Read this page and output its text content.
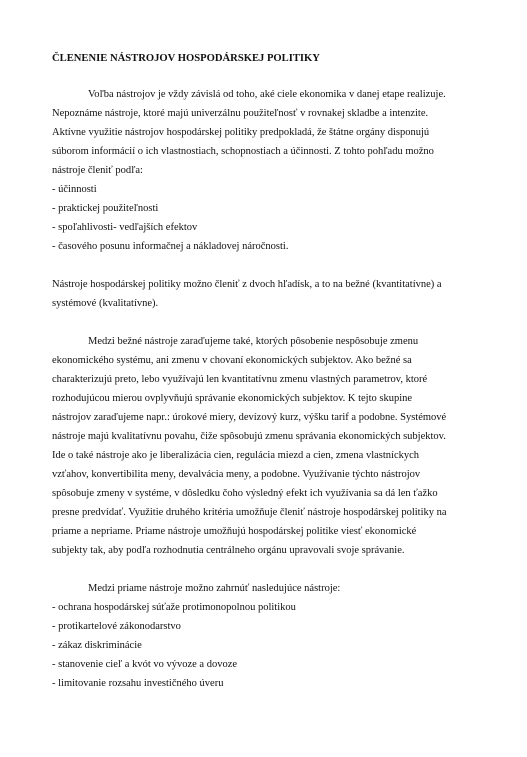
ČLENENIE NÁSTROJOV HOSPODÁRSKEJ POLITIKY
Voľba nástrojov je vždy závislá od toho, aké ciele ekonomika v danej etape realizuje.
Nepoznáme nástroje, ktoré majú univerzálnu použiteľnosť v rovnakej skladbe a intenzite.
Aktívne využitie nástrojov hospodárskej politiky predpokladá, že štátne orgány disponujú
súborom informácií o ich vlastnostiach, schopnostiach a účinnosti. Z tohto pohľadu možno
nástroje členiť podľa:
- účinnosti
- praktickej použiteľnosti
- spoľahlivosti- vedľajších efektov
- časového posunu informačnej a nákladovej náročnosti.
Nástroje hospodárskej politiky možno členiť z dvoch hľadísk, a to na bežné (kvantitatívne) a
systémové (kvalitatívne).
Medzi bežné nástroje zaraďujeme také, ktorých pôsobenie nespôsobuje zmenu
ekonomického systému, ani zmenu v chovaní ekonomických subjektov. Ako bežné sa
charakterizujú preto, lebo využívajú len kvantitatívnu zmenu vlastných parametrov, ktoré
rozhodujúcou mierou ovplyvňujú správanie ekonomických subjektov. K tejto skupine
nástrojov zaraďujeme napr.: úrokové miery, devízový kurz, výšku tarif a podobne. Systémové
nástroje majú kvalitatívnu povahu, čiže spôsobujú zmenu správania ekonomických subjektov.
Ide o také nástroje ako je liberalizácia cien, regulácia miezd a cien, zmena vlastníckych
vzťahov, konvertibilita meny, devalvácia meny, a podobne. Využívanie týchto nástrojov
spôsobuje zmeny v systéme, v dôsledku čoho výsledný efekt ich využívania sa dá len ťažko
presne predvídať. Využitie druhého kritéria umožňuje členiť nástroje hospodárskej politiky na
priame a nepriame. Priame nástroje umožňujú hospodárskej politike viesť ekonomické
subjekty tak, aby podľa rozhodnutia centrálneho orgánu upravovali svoje správanie.
Medzi priame nástroje možno zahrnúť nasledujúce nástroje:
- ochrana hospodárskej súťaže protimonopolnou politikou
- protikartelové zákonodarstvo
- zákaz diskriminácie
- stanovenie cieľ a kvót vo vývoze a dovoze
- limitovanie rozsahu investičného úveru
